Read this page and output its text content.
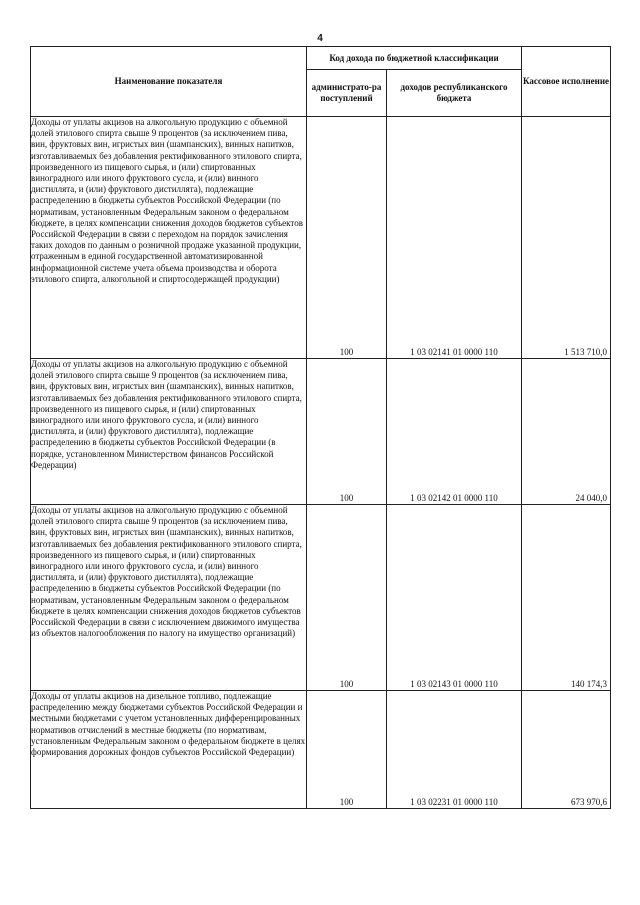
4
Наименование показателя	Код дохода по бюджетной классификации		Кассовое исполнение
	администрато-ра поступлений	доходов республиканского бюджета	
Доходы от уплаты акцизов на алкогольную продукцию с объемной долей этилового спирта свыше 9 процентов (за исключением пива, вин, фруктовых вин, игристых вин (шампанских), винных напитков, изготавливаемых без добавления ректификованного этилового спирта, произведенного из пищевого сырья, и (или) спиртованных виноградного или иного фруктового сусла, и (или) винного дистиллята, и (или) фруктового дистиллята), подлежащие распределению в бюджеты субъектов Российской Федерации (по нормативам, установленным Федеральным законом о федеральном бюджете, в целях компенсации снижения доходов бюджетов субъектов Российской Федерации в связи с переходом на порядок зачисления таких доходов по данным о розничной продаже указанной продукции, отраженным в единой государственной автоматизированной информационной системе учета объема производства и оборота этилового спирта, алкогольной и спиртосодержащей продукции)	100	1 03 02141 01 0000 110	1 513 710,0
Доходы от уплаты акцизов на алкогольную продукцию с объемной долей этилового спирта свыше 9 процентов (за исключением пива, вин, фруктовых вин, игристых вин (шампанских), винных напитков, изготавливаемых без добавления ректификованного этилового спирта, произведенного из пищевого сырья, и (или) спиртованных виноградного или иного фруктового сусла, и (или) винного дистиллята, и (или) фруктового дистиллята), подлежащие распределению в бюджеты субъектов Российской Федерации (в порядке, установленном Министерством финансов Российской Федерации)	100	1 03 02142 01 0000 110	24 040,0
Доходы от уплаты акцизов на алкогольную продукцию с объемной долей этилового спирта свыше 9 процентов (за исключением пива, вин, фруктовых вин, игристых вин (шампанских), винных напитков, изготавливаемых без добавления ректификованного этилового спирта, произведенного из пищевого сырья, и (или) спиртованных виноградного или иного фруктового сусла, и (или) винного дистиллята, и (или) фруктового дистиллята), подлежащие распределению в бюджеты субъектов Российской Федерации (по нормативам, установленным Федеральным законом о федеральном бюджете в целях компенсации снижения доходов бюджетов субъектов Российской Федерации в связи с исключением движимого имущества из объектов налогообложения по налогу на имущество организаций)	100	1 03 02143 01 0000 110	140 174,3
Доходы от уплаты акцизов на дизельное топливо, подлежащие распределению между бюджетами субъектов Российской Федерации и местными бюджетами с учетом установленных дифференцированных нормативов отчислений в местные бюджеты (по нормативам, установленным Федеральным законом о федеральном бюджете в целях формирования дорожных фондов субъектов Российской Федерации)	100	1 03 02231 01 0000 110	673 970,6
